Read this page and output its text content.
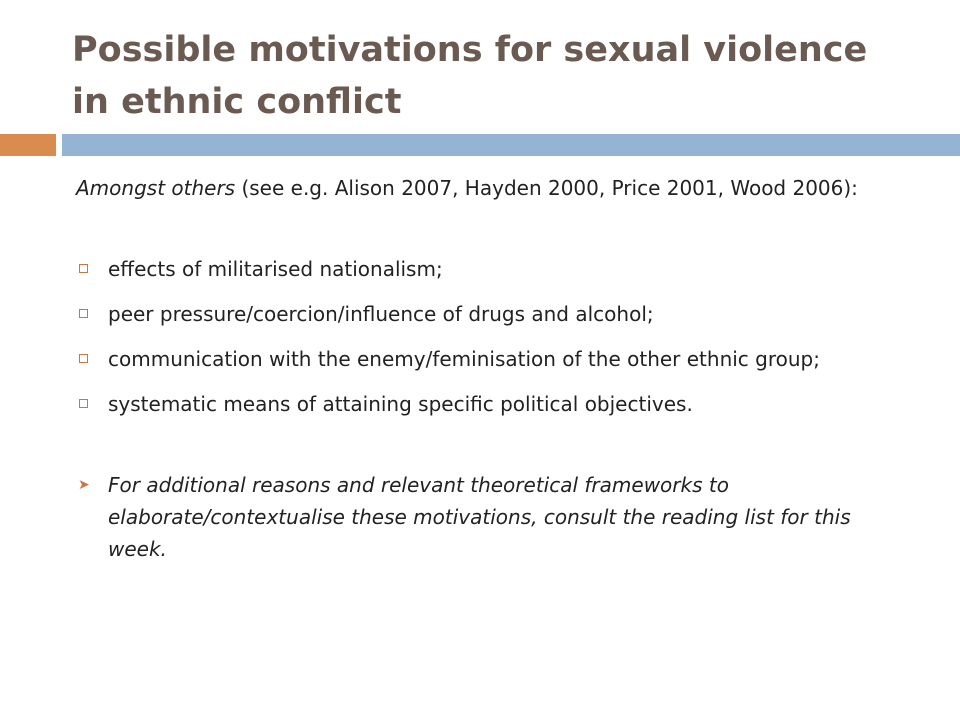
Possible motivations for sexual violence in ethnic conflict

Amongst others (see e.g. Alison 2007, Hayden 2000, Price 2001, Wood 2006):

effects of militarised nationalism;
peer pressure/coercion/influence of drugs and alcohol;
communication with the enemy/feminisation of the other ethnic group;
systematic means of attaining specific political objectives.
➤ For additional reasons and relevant theoretical frameworks to elaborate/contextualise these motivations, consult the reading list for this week.
